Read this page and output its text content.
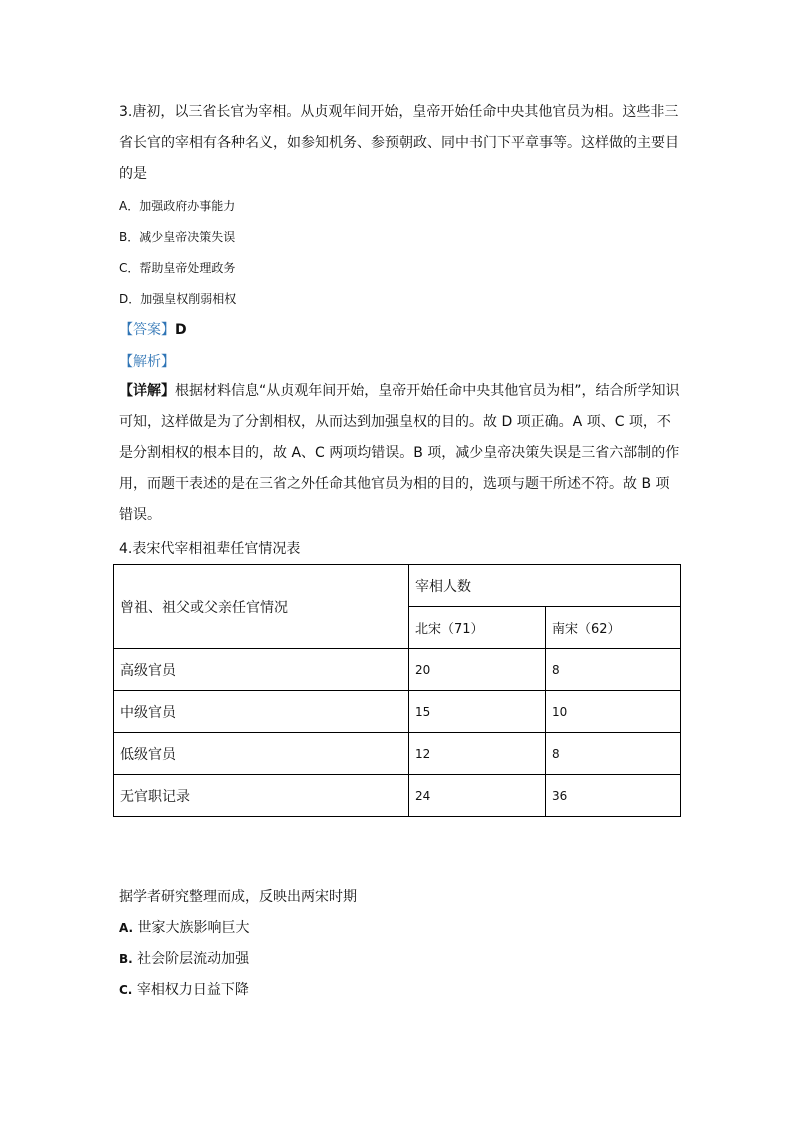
3.唐初，以三省长官为宰相。从贞观年间开始，皇帝开始任命中央其他官员为相。这些非三
省长官的宰相有各种名义，如参知机务、参预朝政、同中书门下平章事等。这样做的主要目
的是
A．加强政府办事能力
B．减少皇帝决策失误
C．帮助皇帝处理政务
D．加强皇权削弱相权
【答案】D
【解析】
【详解】根据材料信息“从贞观年间开始，皇帝开始任命中央其他官员为相”，结合所学知识可知，这样做是为了分割相权，从而达到加强皇权的目的。故 D 项正确。A 项、C 项，不是分割相权的根本目的，故 A、C 两项均错误。B 项，减少皇帝决策失误是三省六部制的作用，而题干表述的是在三省之外任命其他官员为相的目的，选项与题干所述不符。故 B 项错误。
4.表宋代宰相祖辈任官情况表
曾祖、祖父或父亲任官情况	宰相人数	
	北宋（71）	南宋（62）
高级官员	20	8
中级官员	15	10
低级官员	12	8
无官职记录	24	36
据学者研究整理而成，反映出两宋时期
A. 世家大族影响巨大
B. 社会阶层流动加强
C. 宰相权力日益下降
